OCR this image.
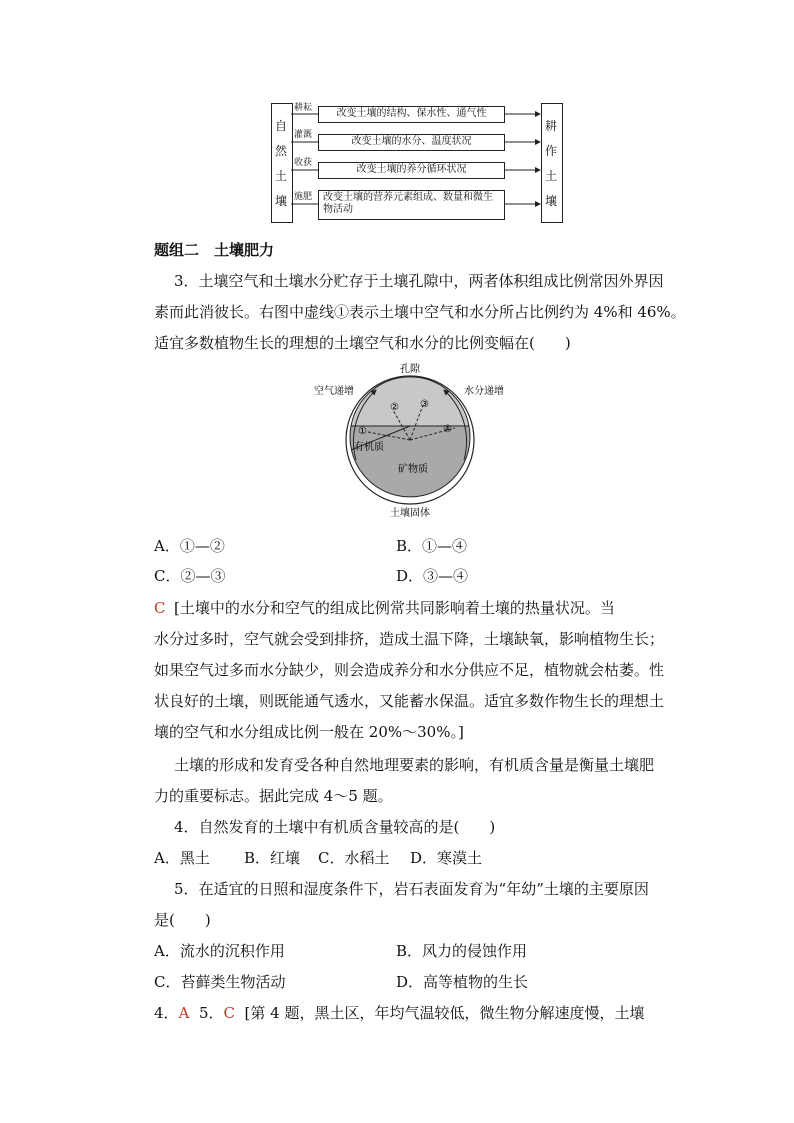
自
然
土
壤
耕
作
土
壤
耕耘	改变土壤的结构、保水性、通气性
灌溉
改变土壤的水分、温度状况
收获
改变土壤的养分循环状况
施肥	改变土壤的营养元素组成、数量和微生物活动
题组二　土壤肥力
3．土壤空气和土壤水分贮存于土壤孔隙中，两者体积组成比例常因外界因
素而此消彼长。右图中虚线①表示土壤中空气和水分所占比例约为 4%和 46%。
适宜多数植物生长的理想的土壤空气和水分的比例变幅在(　　)
孔隙
空气递增	水分递增
①
② ③
④
有机质
矿物质
土壤固体
A．①—②	B．①—④
C．②—③	D．③—④
C [土壤中的水分和空气的组成比例常共同影响着土壤的热量状况。当
水分过多时，空气就会受到排挤，造成土温下降，土壤缺氧，影响植物生长；
如果空气过多而水分缺少，则会造成养分和水分供应不足，植物就会枯萎。性
状良好的土壤，则既能通气透水，又能蓄水保温。适宜多数作物生长的理想土
壤的空气和水分组成比例一般在 20%～30%。]
土壤的形成和发育受各种自然地理要素的影响，有机质含量是衡量土壤肥
力的重要标志。据此完成 4～5 题。
4．自然发育的土壤中有机质含量较高的是(　　)
A．黑土 B．红壤 C．水稻土 D．寒漠土
5．在适宜的日照和湿度条件下，岩石表面发育为“年幼”土壤的主要原因
是(　　)
A．流水的沉积作用	B．风力的侵蚀作用
C．苔藓类生物活动	D．高等植物的生长
4．A 5．C [第 4 题，黑土区，年均气温较低，微生物分解速度慢，土壤
